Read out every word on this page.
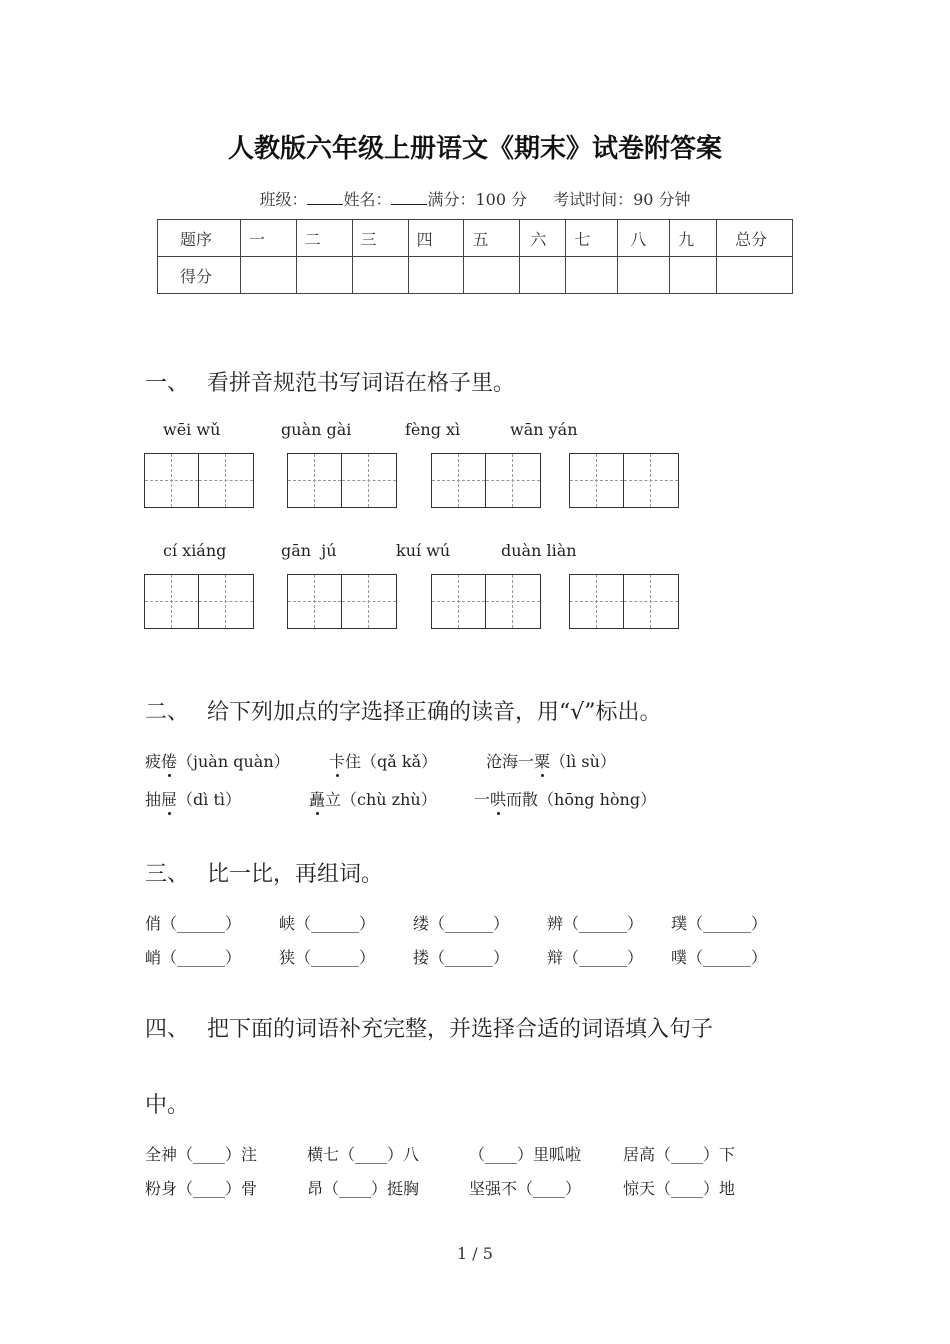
人教版六年级上册语文《期末》试卷附答案
班级： 姓名： 满分：100 分 考试时间：90 分钟
题序	一	二	三	四	五	六	七	八	九	总分
得分										
一、 看拼音规范书写词语在格子里。
wēi wǔ	guàn gài	fèng xì	wān yán
cí xiáng	gān  jú	kuí wú	duàn liàn
二、 给下列加点的字选择正确的读音，用“√”标出。
疲倦（juàn quàn） 卡住（qǎ kǎ）	沧海一粟（lì sù）
抽屉（dì tì）	矗立（chù zhù） 一哄而散（hōng hòng）
三、 比一比，再组词。
俏（______） 峡（______） 缕（______） 辨（______） 璞（______）
峭（______） 狭（______） 搂（______） 辩（______） 噗（______）
四、 把下面的词语补充完整，并选择合适的词语填入句子
中。
全神（____）注	横七（____）八	（____）里呱啦	居高（____）下
粉身（____）骨	昂（____）挺胸	坚强不（____）	惊天（____）地
1 / 5
